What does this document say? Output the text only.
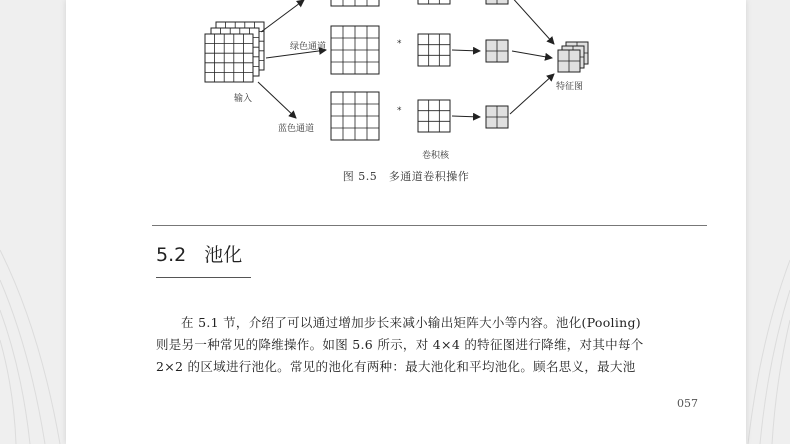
输入
绿色通道
蓝色通道
卷积核
特征图
*
*
图 5.5　多通道卷积操作
5.2 池化

在 5.1 节，介绍了可以通过增加步长来减小输出矩阵大小等内容。池化(Pooling)

则是另一种常见的降维操作。如图 5.6 所示，对 4×4 的特征图进行降维，对其中每个

2×2 的区域进行池化。常见的池化有两种：最大池化和平均池化。顾名思义，最大池

057
